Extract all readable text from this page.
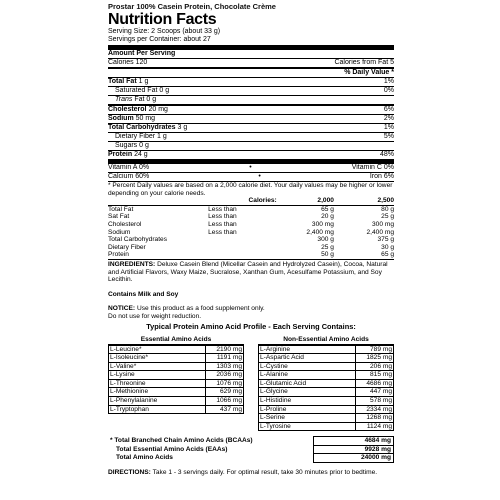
Prostar 100% Casein Protein, Chocolate Crème
Nutrition Facts
Serving Size: 2 Scoops (about 33 g)
Servings per Container: about 27
Amount Per Serving
Calories 120	Calories from Fat 5
% Daily Value *
Total Fat 1 g	1%
Saturated Fat 0 g	0%
Trans Fat 0 g
Cholesterol 20 mg	6%
Sodium 50 mg	2%
Total Carbohydrates 3 g	1%
Dietary Fiber 1 g	5%
Sugars 0 g
Protein 24 g	48%
Vitamin A 0%	•	Vitamin C 0%
Calcium 60%	•	Iron 6%
* Percent Daily values are based on a 2,000 calorie diet. Your daily values may be higher or lower depending on your calorie needs.
	Calories:	2,000	2,500

Total Fat	Less than	65 g	80 g
Sat Fat	Less than	20 g	25 g
Cholesterol	Less than	300 mg	300 mg
Sodium	Less than	2,400 mg	2,400 mg
Total Carbohydrates		300 g	375 g
Dietary Fiber		25 g	30 g
Protein		50 g	65 g
INGREDIENTS: Deluxe Casein Blend (Micellar Casein and Hydrolyzed Casein), Cocoa, Natural and Artificial Flavors, Waxy Maize, Sucralose, Xanthan Gum, Acesulfame Potassium, and Soy Lecithin.
Contains Milk and Soy
NOTICE: Use this product as a food supplement only.
Do not use for weight reduction.
Typical Protein Amino Acid Profile - Each Serving Contains:
Essential Amino Acids
L-Leucine*	2190 mg
L-Isoleucine*	1191 mg
L-Valine*	1303 mg
L-Lysine	2036 mg
L-Threonine	1076 mg
L-Methionine	629 mg
L-Phenylalanine	1066 mg
L-Tryptophan	437 mg
Non-Essential Amino Acids
L-Arginine	789 mg
L-Aspartic Acid	1825 mg
L-Cystine	206 mg
L-Alanine	815 mg
L-Glutamic Acid	4686 mg
L-Glycine	447 mg
L-Histidine	578 mg
L-Proline	2334 mg
L-Serine	1268 mg
L-Tyrosine	1124 mg
* Total Branched Chain Amino Acids (BCAAs)	4684 mg
Total Essential Amino Acids (EAAs)	9928 mg
Total Amino Acids	24000 mg
DIRECTIONS: Take 1 - 3 servings daily. For optimal result, take 30 minutes prior to bedtime.
